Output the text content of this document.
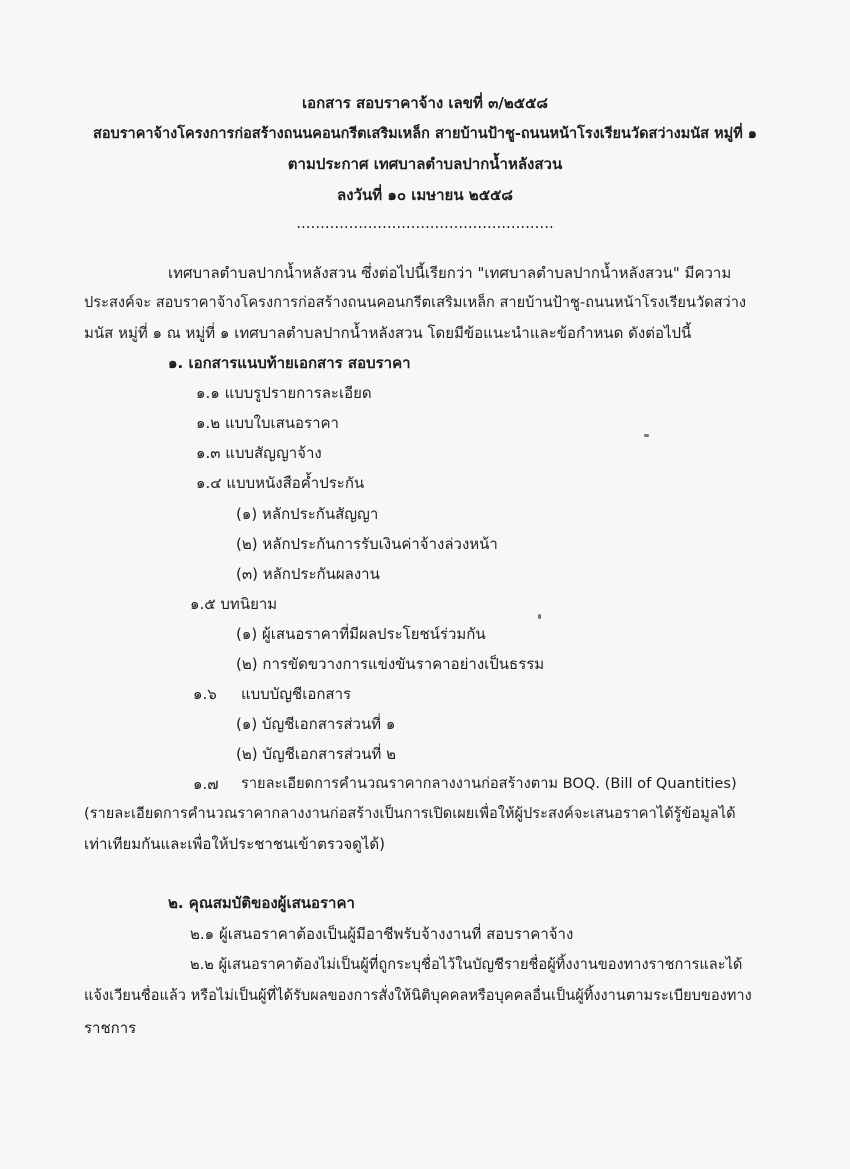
เอกสาร สอบราคาจ้าง เลขที่ ๓/๒๕๕๘
สอบราคาจ้างโครงการก่อสร้างถนนคอนกรีตเสริมเหล็ก สายบ้านป้าชู-ถนนหน้าโรงเรียนวัดสว่างมนัส หมู่ที่ ๑
ตามประกาศ เทศบาลตำบลปากน้ำหลังสวน
ลงวันที่ ๑๐ เมษายน ๒๕๕๘
......................................................
เทศบาลตำบลปากน้ำหลังสวน ซึ่งต่อไปนี้เรียกว่า "เทศบาลตำบลปากน้ำหลังสวน" มีความ
ประสงค์จะ สอบราคาจ้างโครงการก่อสร้างถนนคอนกรีตเสริมเหล็ก สายบ้านป้าชู-ถนนหน้าโรงเรียนวัดสว่าง
มนัส หมู่ที่ ๑ ณ หมู่ที่ ๑ เทศบาลตำบลปากน้ำหลังสวน โดยมีข้อแนะนำและข้อกำหนด ดังต่อไปนี้
๑. เอกสารแนบท้ายเอกสาร สอบราคา
๑.๑ แบบรูปรายการละเอียด
๑.๒ แบบใบเสนอราคา
๑.๓ แบบสัญญาจ้าง
๑.๔ แบบหนังสือค้ำประกัน
(๑) หลักประกันสัญญา
(๒) หลักประกันการรับเงินค่าจ้างล่วงหน้า
(๓) หลักประกันผลงาน
๑.๕ บทนิยาม
(๑) ผู้เสนอราคาที่มีผลประโยชน์ร่วมกัน
(๒) การขัดขวางการแข่งขันราคาอย่างเป็นธรรม
๑.๖ แบบบัญชีเอกสาร
(๑) บัญชีเอกสารส่วนที่ ๑
(๒) บัญชีเอกสารส่วนที่ ๒
๑.๗ รายละเอียดการคำนวณราคากลางงานก่อสร้างตาม BOQ. (Bill of Quantities)
(รายละเอียดการคำนวณราคากลางงานก่อสร้างเป็นการเปิดเผยเพื่อให้ผู้ประสงค์จะเสนอราคาได้รู้ข้อมูลได้
เท่าเทียมกันและเพื่อให้ประชาชนเข้าตรวจดูได้)
๒. คุณสมบัติของผู้เสนอราคา
๒.๑ ผู้เสนอราคาต้องเป็นผู้มีอาชีพรับจ้างงานที่ สอบราคาจ้าง
๒.๒ ผู้เสนอราคาต้องไม่เป็นผู้ที่ถูกระบุชื่อไว้ในบัญชีรายชื่อผู้ทิ้งงานของทางราชการและได้
แจ้งเวียนชื่อแล้ว หรือไม่เป็นผู้ที่ได้รับผลของการสั่งให้นิติบุคคลหรือบุคคลอื่นเป็นผู้ทิ้งงานตามระเบียบของทาง
ราชการ
